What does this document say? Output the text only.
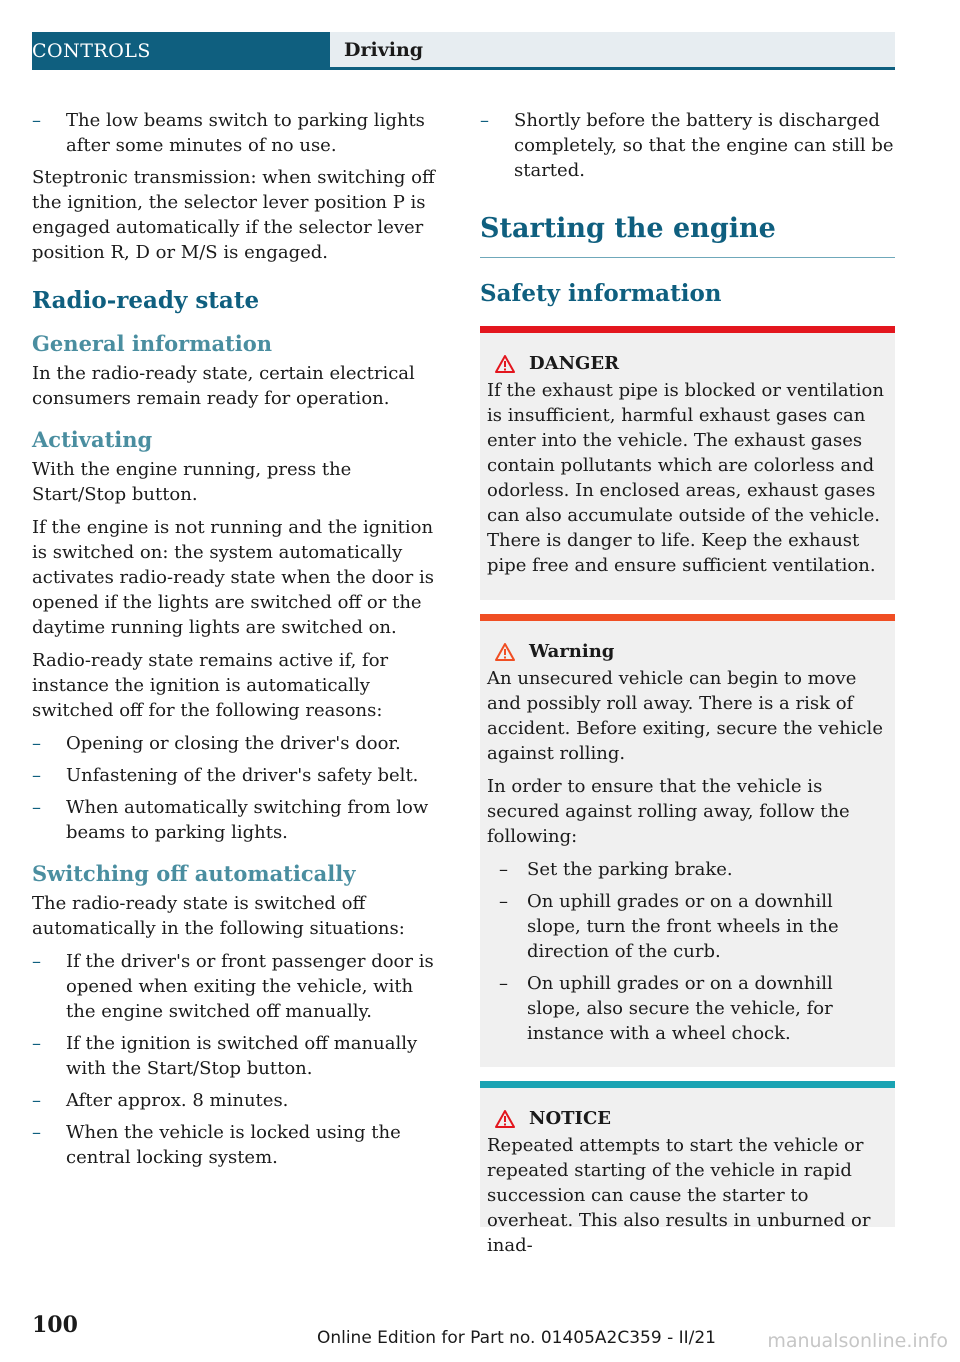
CONTROLS	Driving
– The low beams switch to parking lights after some minutes of no use.

Steptronic transmission: when switching off the ignition, the selector lever position P is engaged automatically if the selector lever position R, D or M/S is engaged.

Radio-ready state
General information

In the radio-ready state, certain electrical consumers remain ready for operation.

Activating

With the engine running, press the Start/Stop button.

If the engine is not running and the ignition is switched on: the system automatically activates radio-ready state when the door is opened if the lights are switched off or the daytime running lights are switched on.

Radio-ready state remains active if, for instance the ignition is automatically switched off for the following reasons:

– Opening or closing the driver's door.
– Unfastening of the driver's safety belt.
– When automatically switching from low beams to parking lights.
Switching off automatically

The radio-ready state is switched off automatically in the following situations:

– If the driver's or front passenger door is opened when exiting the vehicle, with the engine switched off manually.
– If the ignition is switched off manually with the Start/Stop button.
– After approx. 8 minutes.
– When the vehicle is locked using the central locking system.
– Shortly before the battery is discharged completely, so that the engine can still be started.
Starting the engine
Safety information
DANGER

If the exhaust pipe is blocked or ventilation is insufficient, harmful exhaust gases can enter into the vehicle. The exhaust gases contain pollutants which are colorless and odorless. In enclosed areas, exhaust gases can also accumulate outside of the vehicle. There is danger to life. Keep the exhaust pipe free and ensure sufficient ventilation.

Warning

An unsecured vehicle can begin to move and possibly roll away. There is a risk of accident. Before exiting, secure the vehicle against rolling.

In order to ensure that the vehicle is secured against rolling away, follow the following:

– Set the parking brake.
– On uphill grades or on a downhill slope, turn the front wheels in the direction of the curb.
– On uphill grades or on a downhill slope, also secure the vehicle, for instance with a wheel chock.
NOTICE

Repeated attempts to start the vehicle or repeated starting of the vehicle in rapid succession can cause the starter to overheat. This also results in unburned or inad-

100	Online Edition for Part no. 01405A2C359 - II/21	manualsonline.info
